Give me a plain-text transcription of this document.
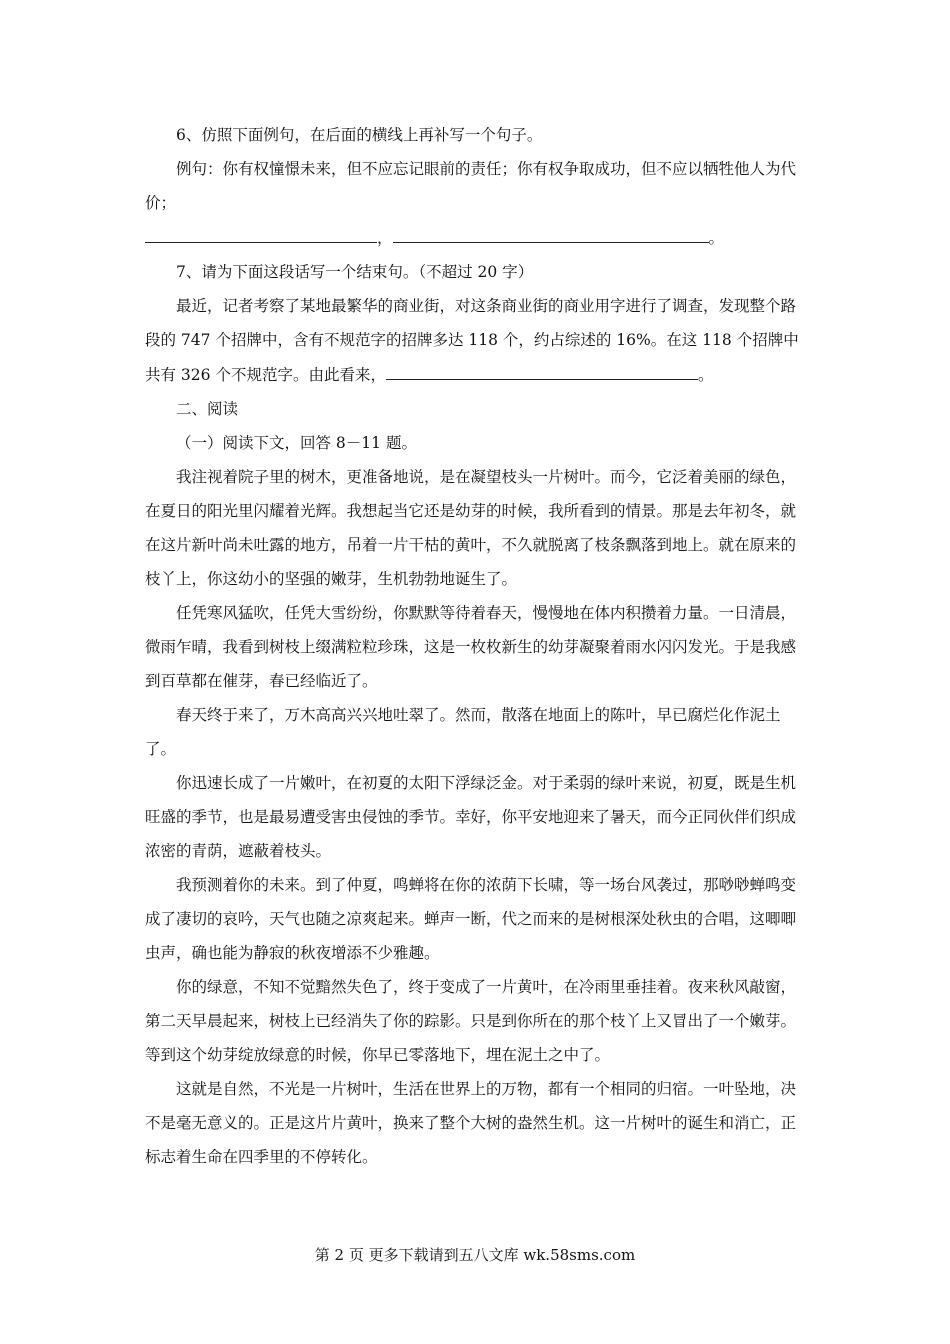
6、仿照下面例句，在后面的横线上再补写一个句子。

例句：你有权憧憬未来，但不应忘记眼前的责任；你有权争取成功，但不应以牺牲他人为代价；

，	。

7、请为下面这段话写一个结束句。（不超过 20 字）

最近，记者考察了某地最繁华的商业街，对这条商业街的商业用字进行了调查，发现整个路段的 747 个招牌中，含有不规范字的招牌多达 118 个，约占综述的 16%。在这 118 个招牌中共有 326 个不规范字。由此看来，	。

二、阅读

（一）阅读下文，回答 8－11 题。

我注视着院子里的树木，更准备地说，是在凝望枝头一片树叶。而今，它泛着美丽的绿色，在夏日的阳光里闪耀着光辉。我想起当它还是幼芽的时候，我所看到的情景。那是去年初冬，就在这片新叶尚未吐露的地方，吊着一片干枯的黄叶，不久就脱离了枝条飘落到地上。就在原来的枝丫上，你这幼小的坚强的嫩芽，生机勃勃地诞生了。

任凭寒风猛吹，任凭大雪纷纷，你默默等待着春天，慢慢地在体内积攒着力量。一日清晨，微雨乍晴，我看到树枝上缀满粒粒珍珠，这是一枚枚新生的幼芽凝聚着雨水闪闪发光。于是我感到百草都在催芽，春已经临近了。

春天终于来了，万木高高兴兴地吐翠了。然而，散落在地面上的陈叶，早已腐烂化作泥土了。

你迅速长成了一片嫩叶，在初夏的太阳下浮绿泛金。对于柔弱的绿叶来说，初夏，既是生机旺盛的季节，也是最易遭受害虫侵蚀的季节。幸好，你平安地迎来了暑天，而今正同伙伴们织成浓密的青荫，遮蔽着枝头。

我预测着你的未来。到了仲夏，鸣蝉将在你的浓荫下长啸，等一场台风袭过，那唦唦蝉鸣变成了凄切的哀吟，天气也随之凉爽起来。蝉声一断，代之而来的是树根深处秋虫的合唱，这唧唧虫声，确也能为静寂的秋夜增添不少雅趣。

你的绿意，不知不觉黯然失色了，终于变成了一片黄叶，在冷雨里垂挂着。夜来秋风敲窗，第二天早晨起来，树枝上已经消失了你的踪影。只是到你所在的那个枝丫上又冒出了一个嫩芽。等到这个幼芽绽放绿意的时候，你早已零落地下，埋在泥土之中了。

这就是自然，不光是一片树叶，生活在世界上的万物，都有一个相同的归宿。一叶坠地，决不是毫无意义的。正是这片片黄叶，换来了整个大树的盎然生机。这一片树叶的诞生和消亡，正标志着生命在四季里的不停转化。

第 2 页 更多下载请到五八文库 wk.58sms.com
